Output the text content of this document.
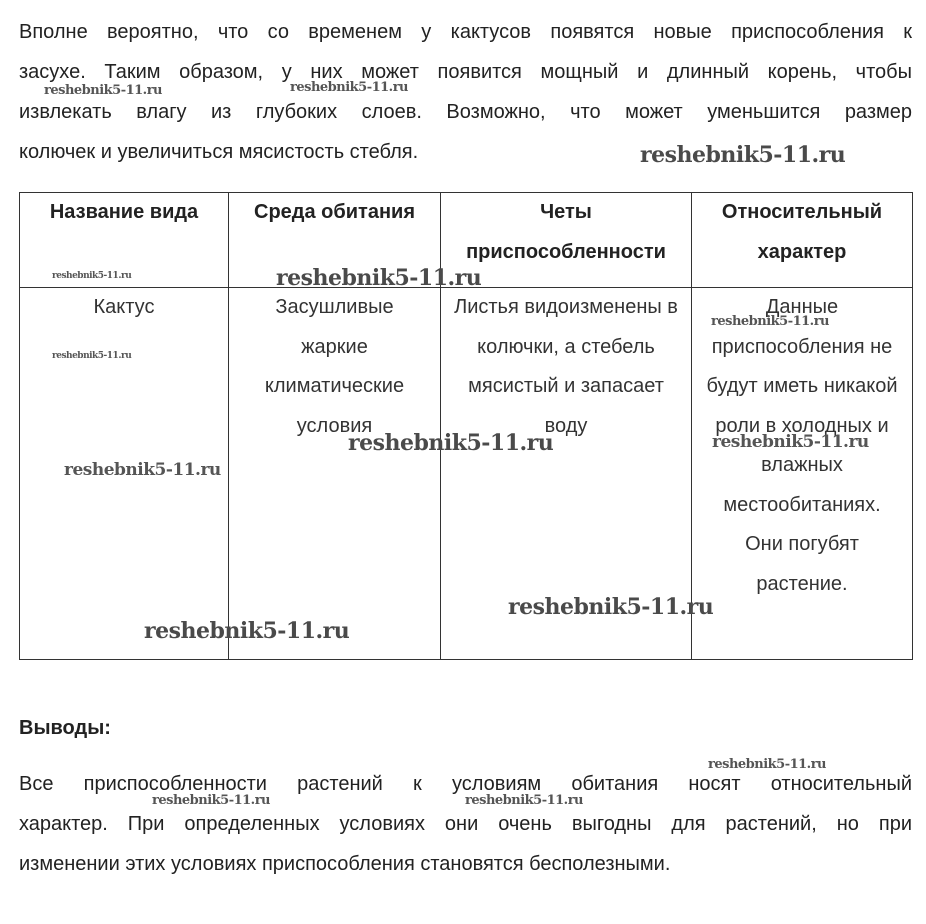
Вполне вероятно, что со временем у кактусов появятся новые приспособления к
засухе. Таким образом, у них может появится мощный и длинный корень, чтобы
извлекать влагу из глубоких слоев. Возможно, что может уменьшится размер
колючек и увеличиться мясистость стебля.

Название вида	Среда обитания	Четы приспособленности	Относительный характер

Кактус	Засушливые жаркие климатические условия	Листья видоизменены в колючки, а стебель мясистый и запасает воду	Данные приспособления не будут иметь никакой роли в холодных и влажных местообитаниях. Они погубят растение.

Выводы:

Все приспособленности растений к условиям обитания носят относительный
характер. При определенных условиях они очень выгодны для растений, но при
изменении этих условиях приспособления становятся бесполезными.

reshebnik5-11.ru	reshebnik5-11.ru
reshebnik5-11.ru
reshebnik5-11.ru	reshebnik5-11.ru
reshebnik5-11.ru
reshebnik5-11.ru
reshebnik5-11.ru	reshebnik5-11.ru
reshebnik5-11.ru
reshebnik5-11.ru
reshebnik5-11.ru
reshebnik5-11.ru
reshebnik5-11.ru	reshebnik5-11.ru
